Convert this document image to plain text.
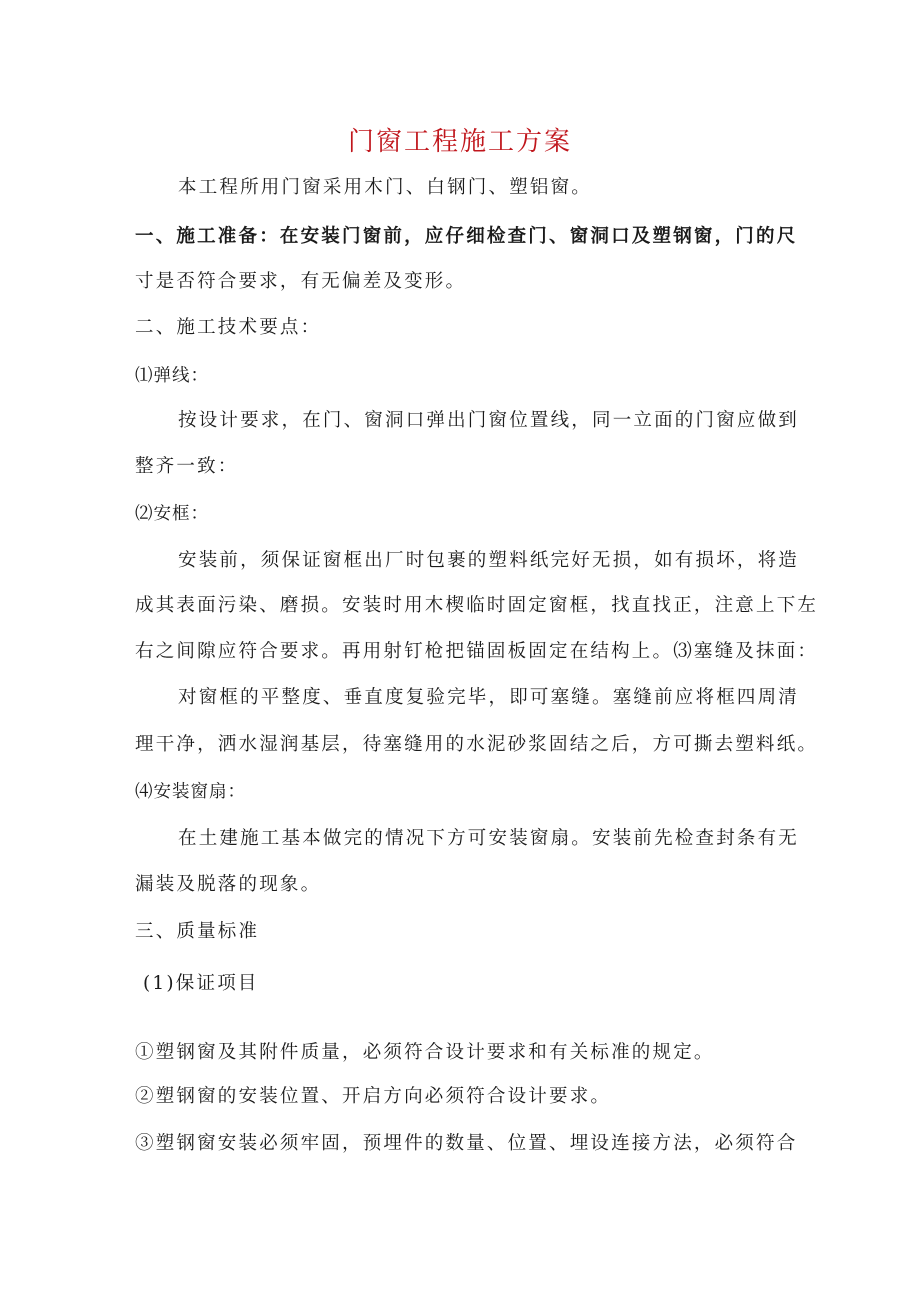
门窗工程施工方案
本工程所用门窗采用木门、白钢门、塑铝窗。
一、施工准备：在安装门窗前，应仔细检查门、窗洞口及塑钢窗，门的尺
寸是否符合要求，有无偏差及变形。
二、施工技术要点：
⑴弹线：
按设计要求，在门、窗洞口弹出门窗位置线，同一立面的门窗应做到
整齐一致：
⑵安框：
安装前，须保证窗框出厂时包裹的塑料纸完好无损，如有损坏，将造
成其表面污染、磨损。安装时用木楔临时固定窗框，找直找正，注意上下左
右之间隙应符合要求。再用射钉枪把锚固板固定在结构上。⑶塞缝及抹面：
对窗框的平整度、垂直度复验完毕，即可塞缝。塞缝前应将框四周清
理干净，洒水湿润基层，待塞缝用的水泥砂浆固结之后，方可撕去塑料纸。
⑷安装窗扇：
在土建施工基本做完的情况下方可安装窗扇。安装前先检查封条有无
漏装及脱落的现象。
三、质量标准
(1)保证项目
①塑钢窗及其附件质量，必须符合设计要求和有关标准的规定。
②塑钢窗的安装位置、开启方向必须符合设计要求。
③塑钢窗安装必须牢固，预埋件的数量、位置、埋设连接方法，必须符合
